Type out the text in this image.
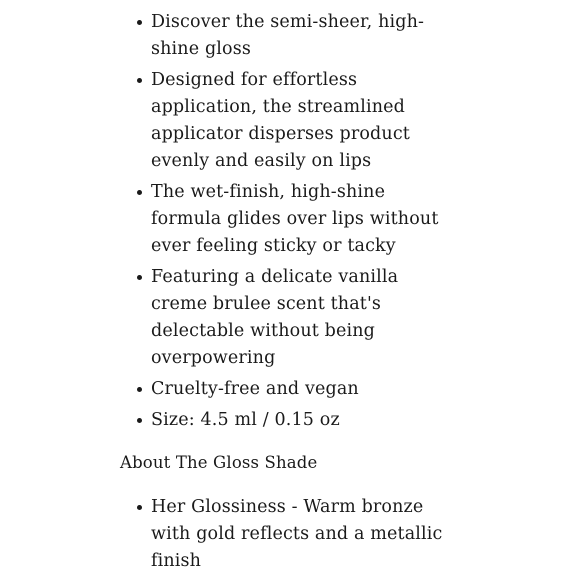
Discover the semi-sheer, high-shine gloss
Designed for effortless application, the streamlined applicator disperses product evenly and easily on lips
The wet-finish, high-shine formula glides over lips without ever feeling sticky or tacky
Featuring a delicate vanilla creme brulee scent that's delectable without being overpowering
Cruelty-free and vegan
Size: 4.5 ml / 0.15 oz
About The Gloss Shade
Her Glossiness - Warm bronze with gold reflects and a metallic finish
